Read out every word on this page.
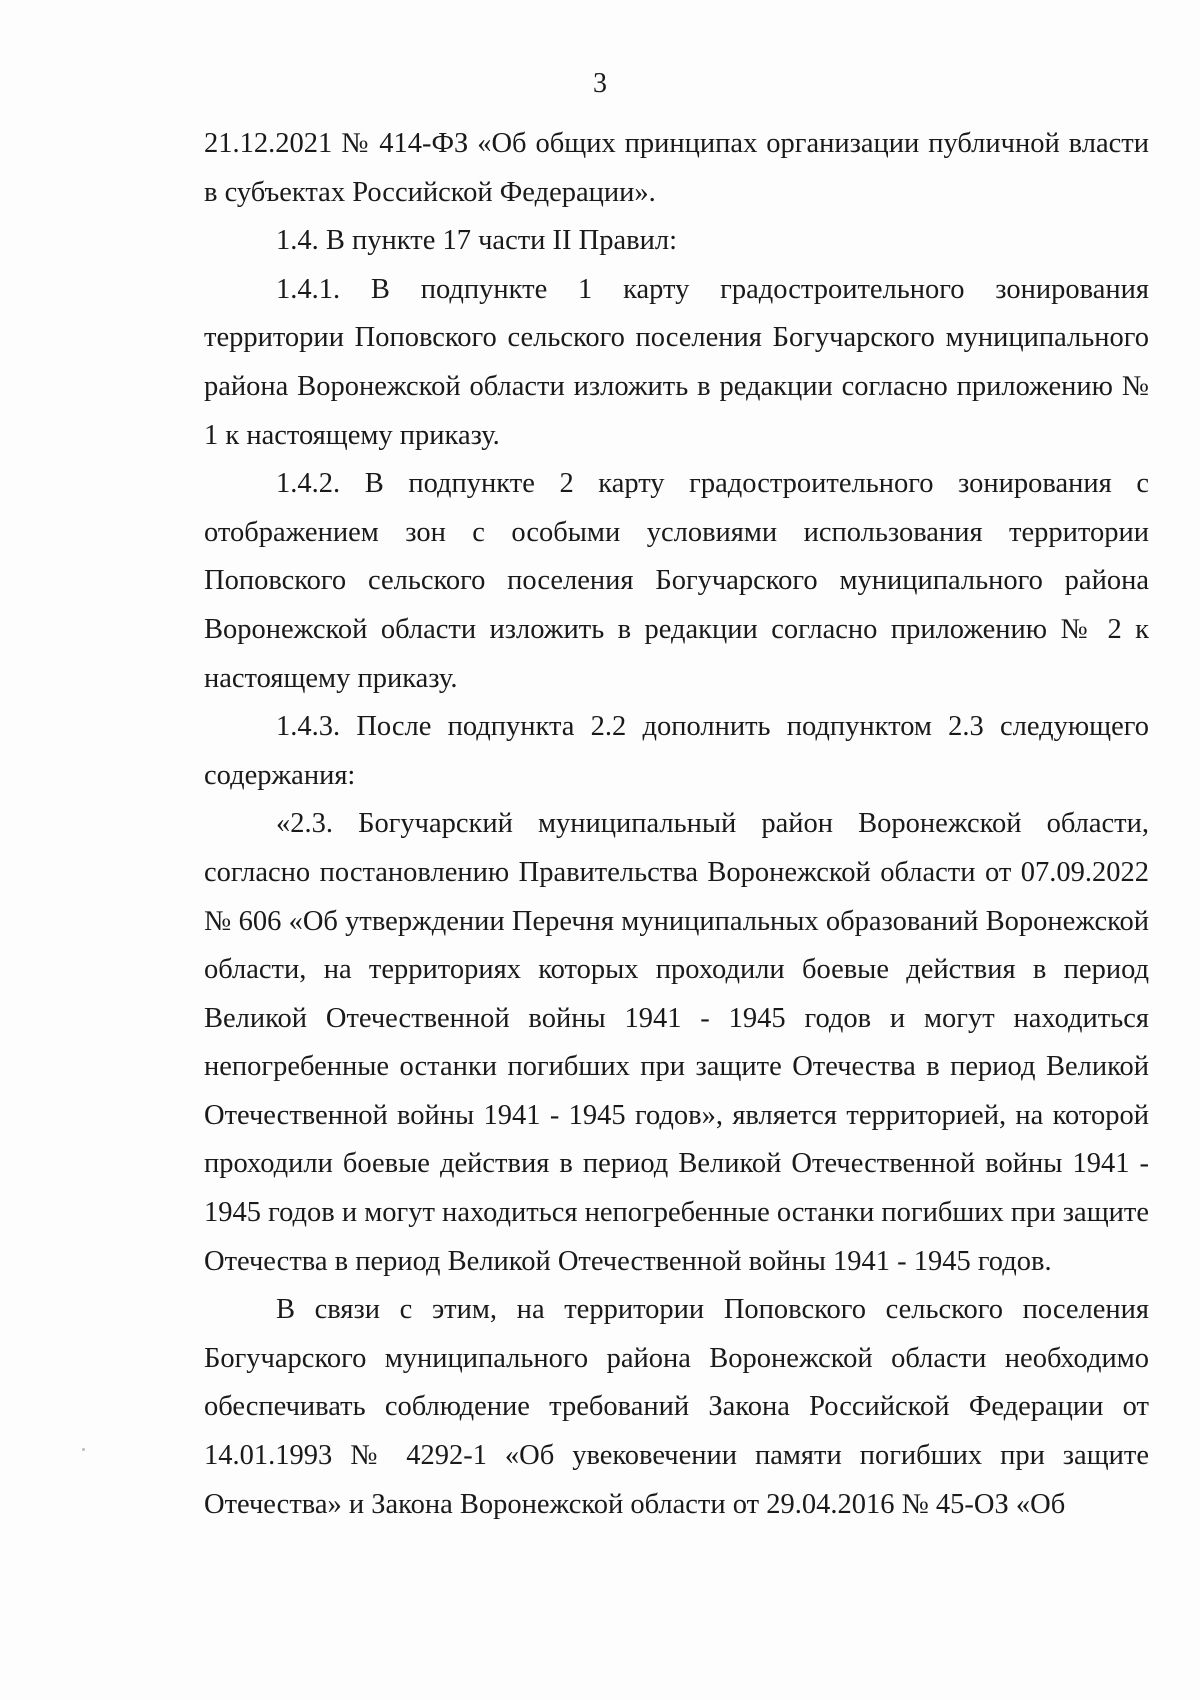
3

21.12.2021 № 414-ФЗ «Об общих принципах организации публичной власти в субъектах Российской Федерации».

1.4. В пункте 17 части II Правил:

1.4.1. В подпункте 1 карту градостроительного зонирования территории Поповского сельского поселения Богучарского муниципального района Воронежской области изложить в редакции согласно приложению № 1 к настоящему приказу.

1.4.2. В подпункте 2 карту градостроительного зонирования с отображением зон с особыми условиями использования территории Поповского сельского поселения Богучарского муниципального района Воронежской области изложить в редакции согласно приложению № 2 к настоящему приказу.

1.4.3. После подпункта 2.2 дополнить подпунктом 2.3 следующего содержания:

«2.3. Богучарский муниципальный район Воронежской области, согласно постановлению Правительства Воронежской области от 07.09.2022 № 606 «Об утверждении Перечня муниципальных образований Воронежской области, на территориях которых проходили боевые действия в период Великой Отечественной войны 1941 - 1945 годов и могут находиться непогребенные останки погибших при защите Отечества в период Великой Отечественной войны 1941 - 1945 годов», является территорией, на которой проходили боевые действия в период Великой Отечественной войны 1941 - 1945 годов и могут находиться непогребенные останки погибших при защите Отечества в период Великой Отечественной войны 1941 - 1945 годов.

В связи с этим, на территории Поповского сельского поселения Богучарского муниципального района Воронежской области необходимо обеспечивать соблюдение требований Закона Российской Федерации от 14.01.1993 № 4292-1 «Об увековечении памяти погибших при защите Отечества» и Закона Воронежской области от 29.04.2016 № 45-ОЗ «Об
